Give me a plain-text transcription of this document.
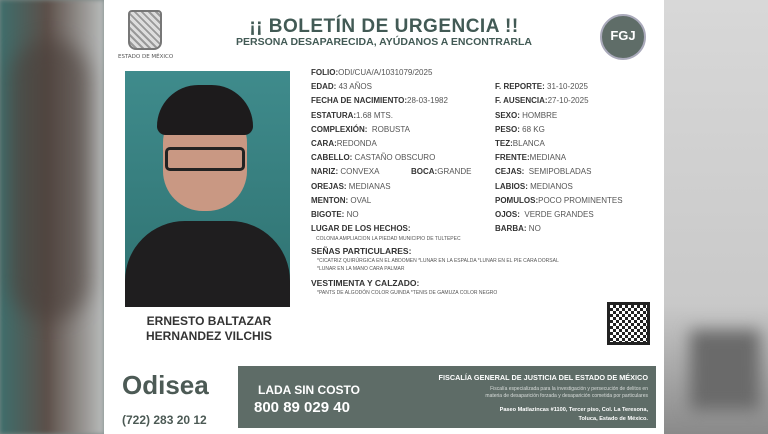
ESTADO DE MÉXICO
¡¡ BOLETÍN DE URGENCIA !!
PERSONA DESAPARECIDA, AYÚDANOS A ENCONTRARLA	FGJ
ERNESTO BALTAZAR
HERNANDEZ VILCHIS
FOLIO:ODI/CUA/A/1031079/2025
EDAD: 43 AÑOS	F. REPORTE: 31-10-2025
FECHA DE NACIMIENTO:28-03-1982	F. AUSENCIA:27-10-2025
ESTATURA:1.68 MTS.	SEXO: HOMBRE
COMPLEXIÓN:  ROBUSTA	PESO: 68 KG
CARA:REDONDA	TEZ:BLANCA
CABELLO: CASTAÑO OBSCURO	FRENTE:MEDIANA
NARIZ: CONVEXA	BOCA:GRANDE	CEJAS:  SEMIPOBLADAS
OREJAS: MEDIANAS	LABIOS: MEDIANOS
MENTON: OVAL	POMULOS:POCO PROMINENTES
BIGOTE: NO	OJOS:  VERDE GRANDES
LUGAR DE LOS HECHOS:	BARBA: NO
COLONIA AMPLIACION LA PIEDAD MUNICIPIO DE TULTEPEC
SEÑAS PARTICULARES:
*CICATRIZ QUIRÚRGICA EN EL ABDOMEN *LUNAR EN LA ESPALDA *LUNAR EN EL PIE CARA DORSAL
*LUNAR EN LA MANO CARA PALMAR
VESTIMENTA Y CALZADO:
*PANTS DE ALGODÓN COLOR GUINDA *TENIS DE GAMUZA COLOR NEGRO
Odisea
(722) 283 20 12
LADA SIN COSTO
800 89 029 40
FISCALÍA GENERAL DE JUSTICIA DEL ESTADO DE MÉXICO
Fiscalía especializada para la investigación y persecución de delitos en
materia de desaparición forzada y desaparición cometida por particulares
Paseo Matlazincas #1100, Tercer piso, Col. La Teresona,
Toluca, Estado de México.
